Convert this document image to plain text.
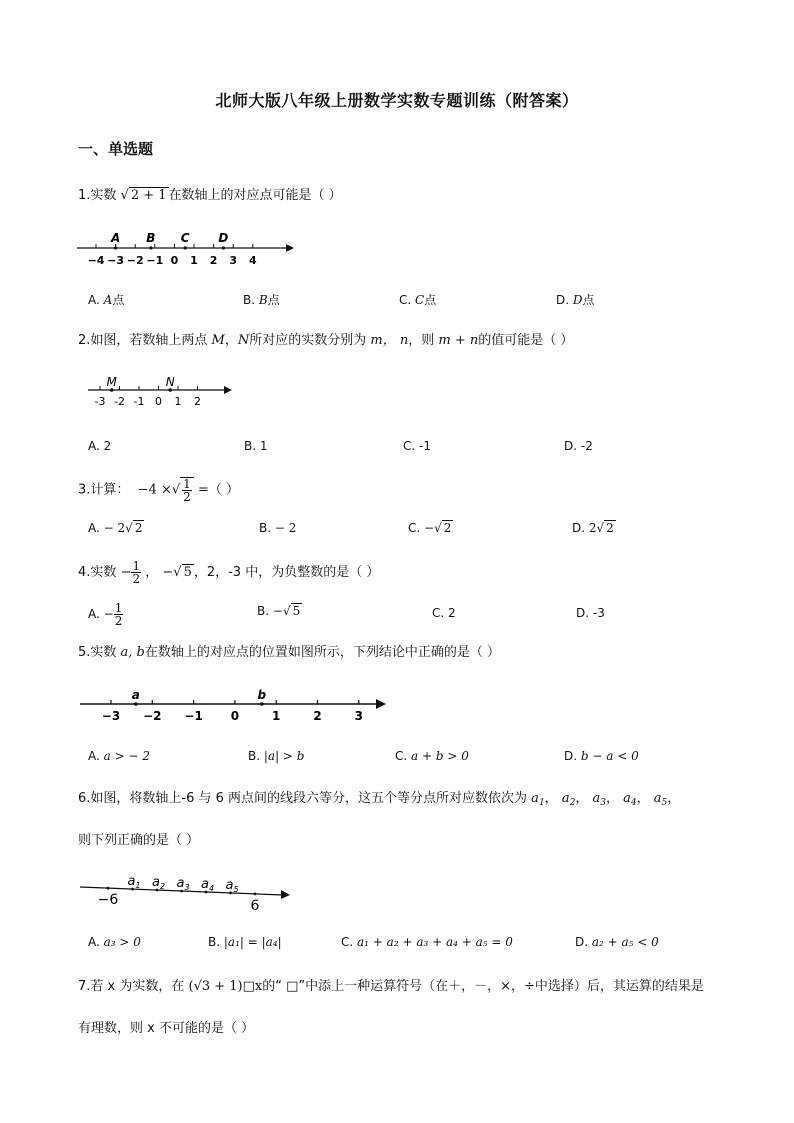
北师大版八年级上册数学实数专题训练（附答案）
一、单选题
1.实数 √ 2 + 1 在数轴上的对应点可能是（ ）
−4 −3 −2 −1 0 1 2 3 4
A B C D
A. A点	B. B点	C. C点	D. D点
2.如图，若数轴上两点 M，N所对应的实数分别为 m， n，则 m + n的值可能是（ ）
-3 -2 -1 0 1 2
M	N
A. 2	B. 1	C. -1	D. -2
3.计算： −4 ×√ $\frac{1}{2}$ =（ ）
A. − 2√ 2	B. − 2	C. −√ 2	D. 2√ 2
4.实数 − $\frac{1}{2}$ ， −√ 5 ，2，-3 中，为负整数的是（ ）
A. − $\frac{1}{2}$	B. −√ 5	C. 2	D. -3
5.实数 a, b在数轴上的对应点的位置如图所示，下列结论中正确的是（ ）
−3 −2 −1 0	1	2	3
a	b
A. a > − 2	B. |a| > b	C. a + b > 0	D. b − a < 0
6.如图，将数轴上-6 与 6 两点间的线段六等分，这五个等分点所对应数依次为 $a_1$， $a_2$， $a_3$， $a_4$， $a_5$，
则下列正确的是（ ）
−6	6
$a_1$ $a_2$ $a_3$ $a_4$ $a_5$
A. a₃ > 0	B. |a₁| = |a₄|	C. a₁ + a₂ + a₃ + a₄ + a₅ = 0	D. a₂ + a₅ < 0
7.若 x 为实数，在 (√3 + 1)□x的“ □”中添上一种运算符号（在＋，－，×，÷中选择）后，其运算的结果是
有理数，则 x 不可能的是（ ）
